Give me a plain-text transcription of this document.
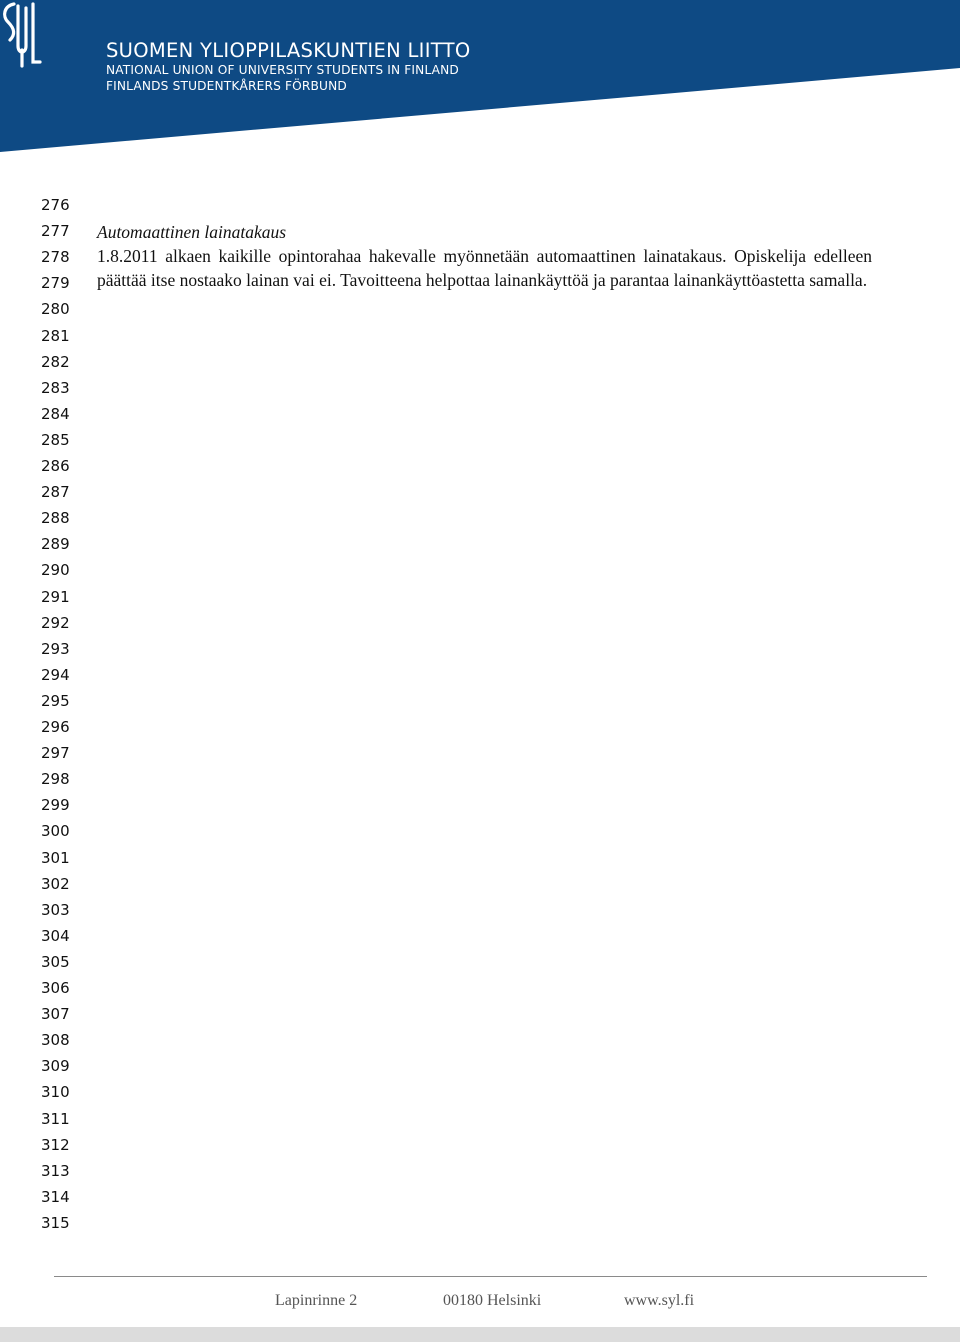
SUOMEN YLIOPPILASKUNTIEN LIITTO
NATIONAL UNION OF UNIVERSITY STUDENTS IN FINLAND
FINLANDS STUDENTKÅRERS FÖRBUND
276
277
278
279
280
281
282
283
284
285
286
287
288
289
290
291
292
293
294
295
296
297
298
299
300
301
302
303
304
305
306
307
308
309
310
311
312
313
314
315
Automaattinen lainatakaus

1.8.2011 alkaen kaikille opintorahaa hakevalle myönnetään automaattinen lainatakaus. Opiskelija edelleen päättää itse nostaako lainan vai ei. Tavoitteena helpottaa lainankäyttöä ja parantaa lainankäyttöastetta samalla.

Lapinrinne 2	00180 Helsinki	www.syl.fi
